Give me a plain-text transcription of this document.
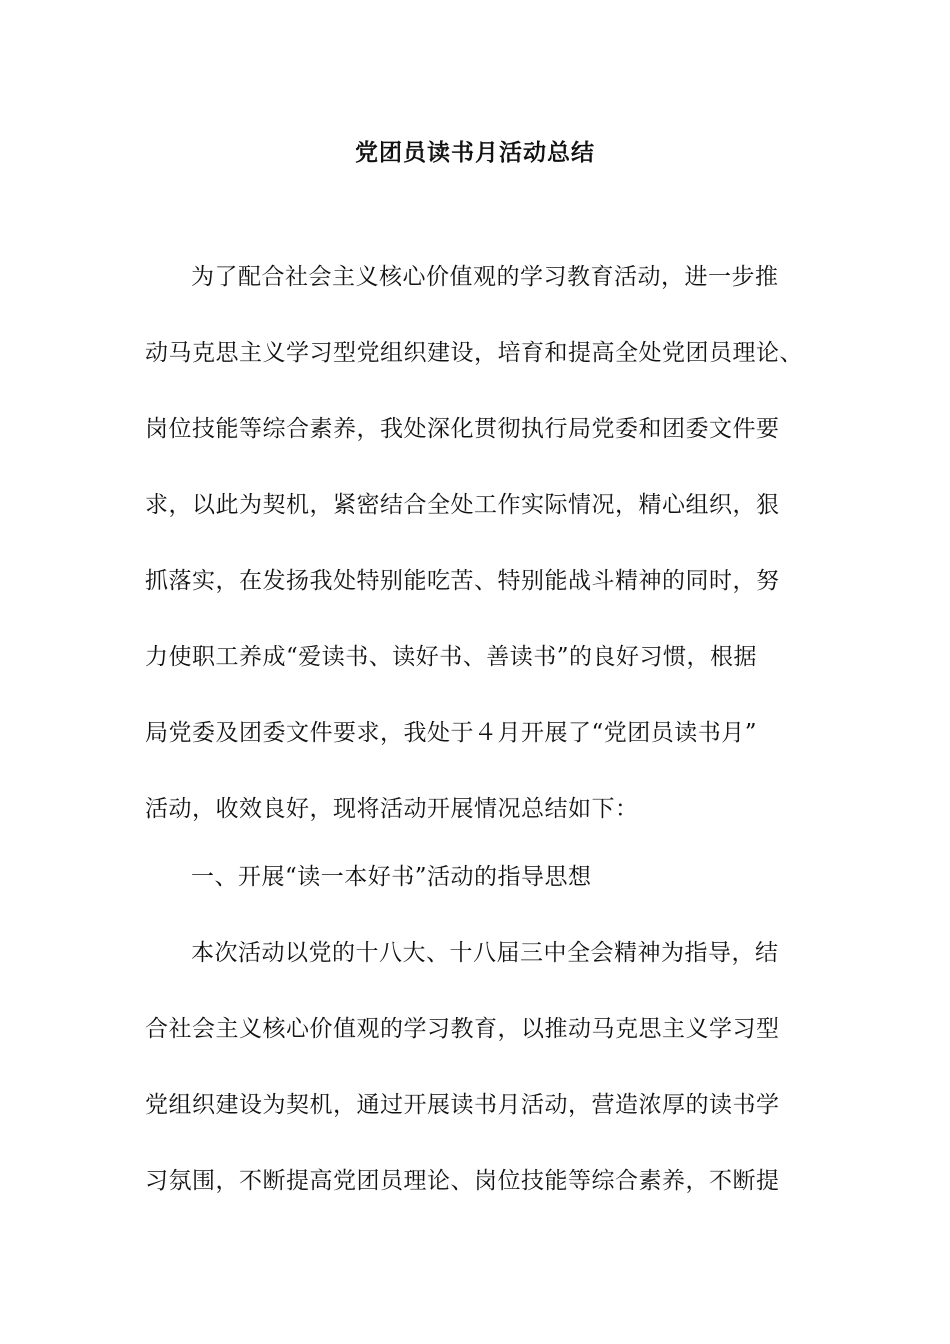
党团员读书月活动总结
为了配合社会主义核心价值观的学习教育活动，进一步推
动马克思主义学习型党组织建设，培育和提高全处党团员理论、
岗位技能等综合素养，我处深化贯彻执行局党委和团委文件要
求，以此为契机，紧密结合全处工作实际情况，精心组织，狠
抓落实，在发扬我处特别能吃苦、特别能战斗精神的同时，努
力使职工养成“爱读书、读好书、善读书”的良好习惯，根据
局党委及团委文件要求，我处于４月开展了“党团员读书月”
活动，收效良好，现将活动开展情况总结如下：
一、开展“读一本好书”活动的指导思想
本次活动以党的十八大、十八届三中全会精神为指导，结
合社会主义核心价值观的学习教育，以推动马克思主义学习型
党组织建设为契机，通过开展读书月活动，营造浓厚的读书学
习氛围，不断提高党团员理论、岗位技能等综合素养，不断提
